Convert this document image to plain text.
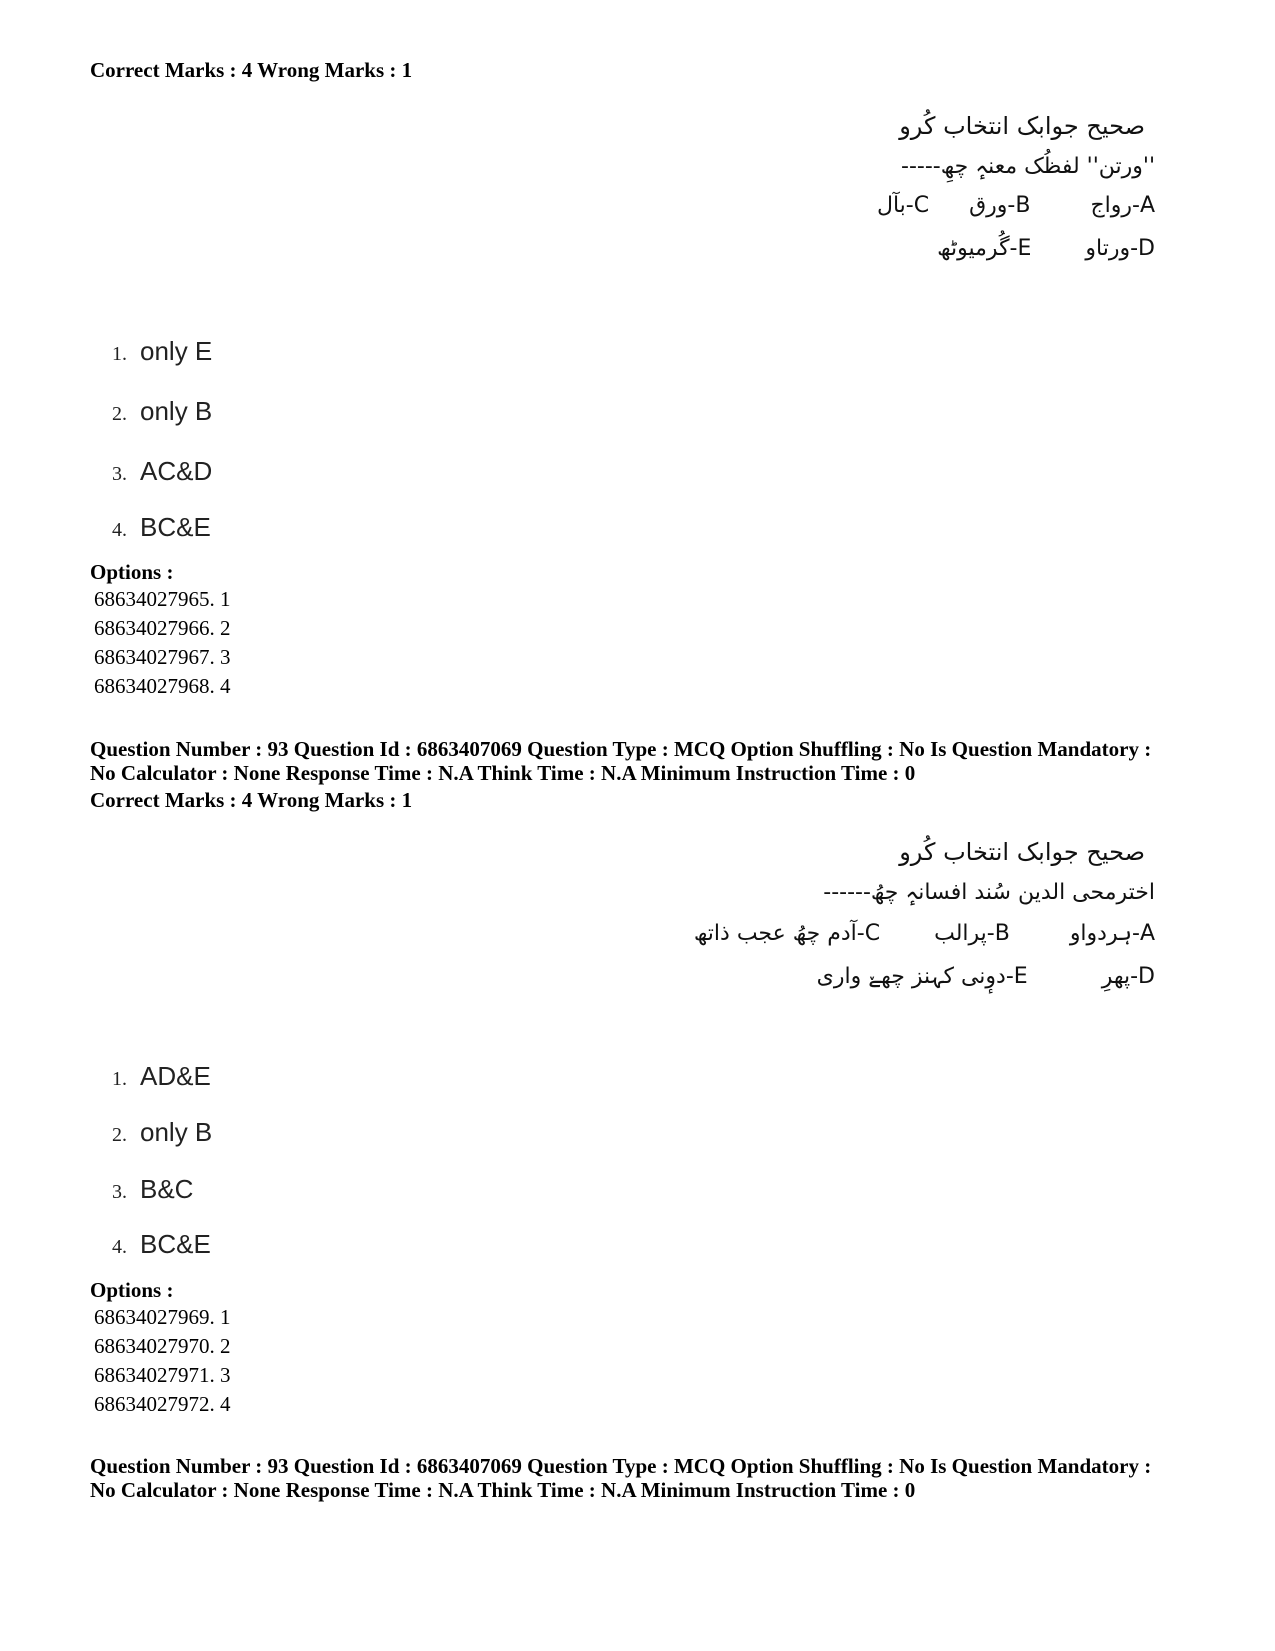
Correct Marks : 4 Wrong Marks : 1
صحیح جوابک انتخاب کُرو
''ورتن'' لفظُک معنہٕ چھِ-----
A-رواج  B-ورق  C-بآل
D-ورتاو  E-گُرمیوٹھ
1. only E
2. only B
3. AC&D
4. BC&E
Options :
68634027965. 1
68634027966. 2
68634027967. 3
68634027968. 4
Question Number : 93 Question Id : 6863407069 Question Type : MCQ Option Shuffling : No Is Question Mandatory :
No Calculator : None Response Time : N.A Think Time : N.A Minimum Instruction Time : 0
Correct Marks : 4 Wrong Marks : 1
صحیح جوابک انتخاب کُرو
اخترمحی الدین سُند افسانہٕ چھُ------
A-ہردواو  B-پرالب  C-آدم چھُ عجب ذاتھ
D-پھرِ  E-دوٕنی کہنز چھےٚ واری
1. AD&E
2. only B
3. B&C
4. BC&E
Options :
68634027969. 1
68634027970. 2
68634027971. 3
68634027972. 4
Question Number : 93 Question Id : 6863407069 Question Type : MCQ Option Shuffling : No Is Question Mandatory :
No Calculator : None Response Time : N.A Think Time : N.A Minimum Instruction Time : 0
